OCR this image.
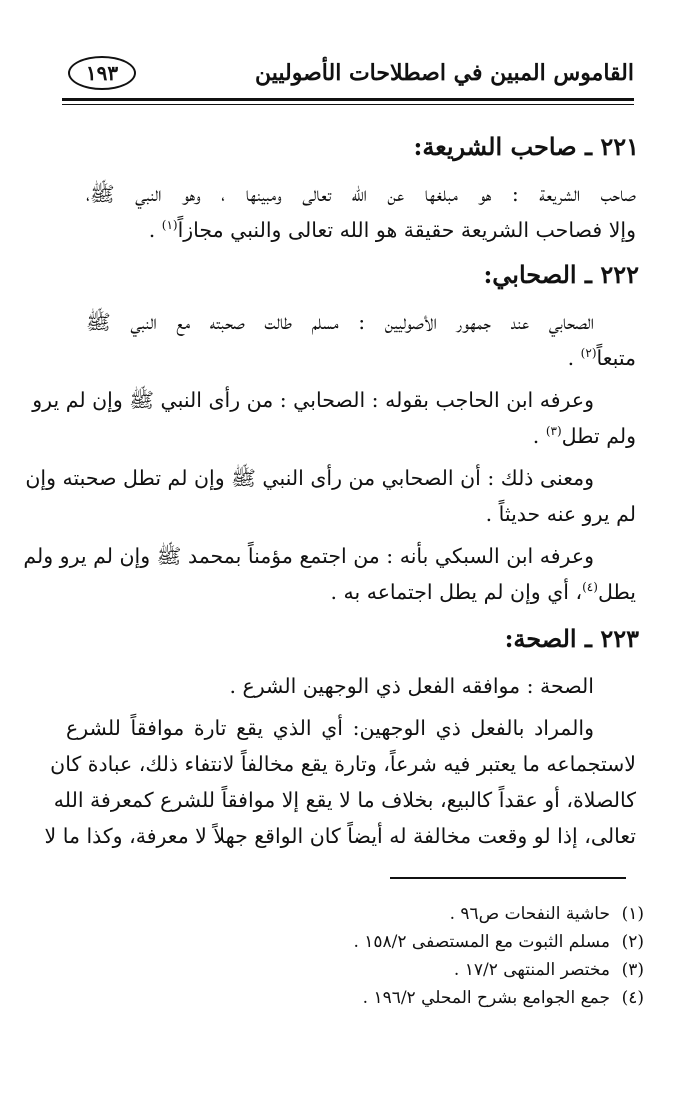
القاموس المبين في اصطلاحات الأصوليين
١٩٣
٢٢١ ـ صاحب الشريعة:
صاحب الشريعة : هو مبلغها عن الله تعالى ومبينها ، وهو النبي ﷺ،
وإلا فصاحب الشريعة حقيقة هو الله تعالى والنبي مجازاً$^{(١)}$ .
٢٢٢ ـ الصحابي:
الصحابي عند جمهور الأصوليين : مسلم طالت صحبته مع النبي ﷺ
متبعاً$^{(٢)}$ .
وعرفه ابن الحاجب بقوله : الصحابي : من رأى النبي ﷺ وإن لم يرو
ولم تطل$^{(٣)}$ .
ومعنى ذلك : أن الصحابي من رأى النبي ﷺ وإن لم تطل صحبته وإن
لم يرو عنه حديثاً .
وعرفه ابن السبكي بأنه : من اجتمع مؤمناً بمحمد ﷺ وإن لم يرو ولم
يطل$^{(٤)}$، أي وإن لم يطل اجتماعه به .
٢٢٣ ـ الصحة:
الصحة : موافقه الفعل ذي الوجهين الشرع .
والمراد بالفعل ذي الوجهين: أي الذي يقع تارة موافقاً للشرع
لاستجماعه ما يعتبر فيه شرعاً، وتارة يقع مخالفاً لانتفاء ذلك، عبادة كان
كالصلاة، أو عقداً كالبيع، بخلاف ما لا يقع إلا موافقاً للشرع كمعرفة الله
تعالى، إذا لو وقعت مخالفة له أيضاً كان الواقع جهلاً لا معرفة، وكذا ما لا
(١)حاشية النفحات ص٩٦ .
(٢)مسلم الثبوت مع المستصفى ١٥٨/٢ .
(٣)مختصر المنتهى ١٧/٢ .
(٤)جمع الجوامع بشرح المحلي ١٩٦/٢ .
